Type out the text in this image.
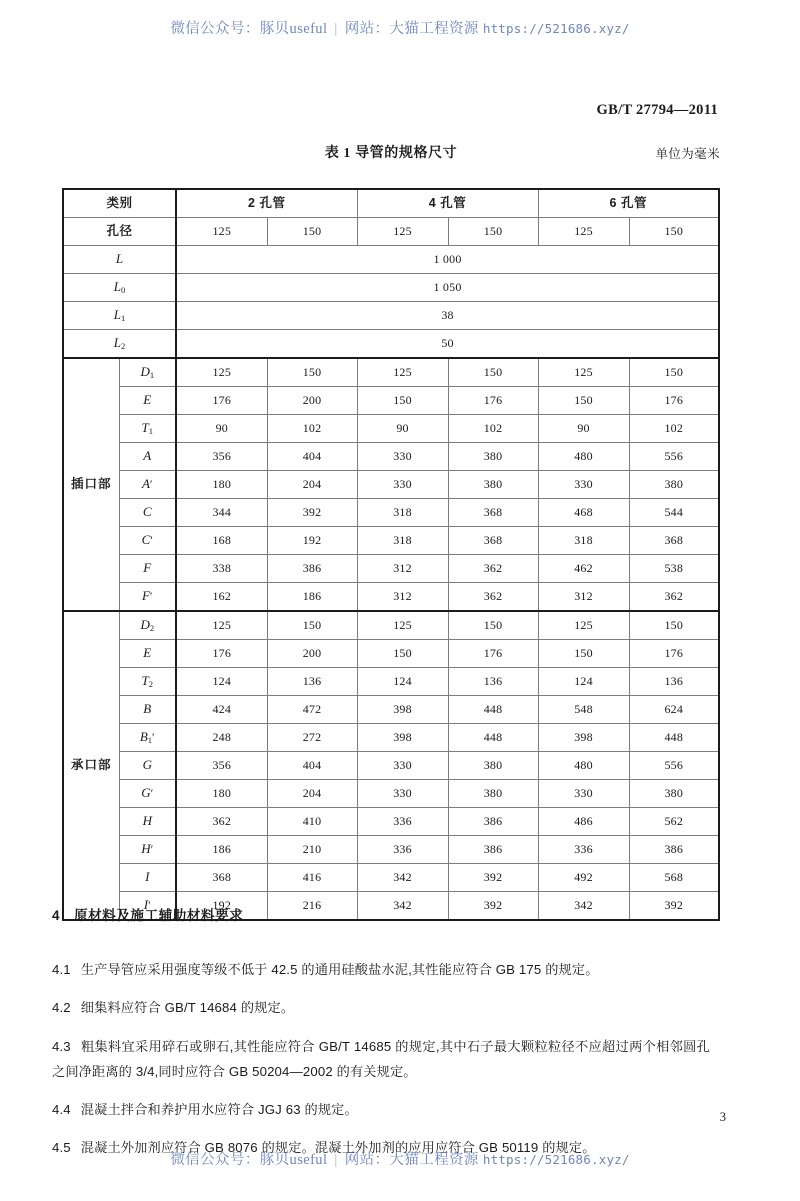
微信公众号：豚贝useful | 网站：大猫工程资源 https://521686.xyz/
GB/T 27794—2011
表 1 导管的规格尺寸	单位为毫米
类别		2 孔管		4 孔管		6 孔管	
孔径		125	150	125	150	125	150
L		1 000					
$L_0$		1 050					
$L_1$		38					
$L_2$		50					
插口部	$D_1$	125	150	125	150	125	150
	E	176	200	150	176	150	176
	$T_1$	90	102	90	102	90	102
	A	356	404	330	380	480	556
	A′	180	204	330	380	330	380
	C	344	392	318	368	468	544
	C′	168	192	318	368	318	368
	F	338	386	312	362	462	538
	F′	162	186	312	362	312	362
承口部	$D_2$	125	150	125	150	125	150
	E	176	200	150	176	150	176
	$T_2$	124	136	124	136	124	136
	B	424	472	398	448	548	624
	$B_1'$	248	272	398	448	398	448
	G	356	404	330	380	480	556
	G′	180	204	330	380	330	380
	H	362	410	336	386	486	562
	H′	186	210	336	386	336	386
	I	368	416	342	392	492	568
	I′	192	216	342	392	342	392
4 原材料及施工辅助材料要求

4.1 生产导管应采用强度等级不低于 42.5 的通用硅酸盐水泥,其性能应符合 GB 175 的规定。

4.2 细集料应符合 GB/T 14684 的规定。

4.3 粗集料宜采用碎石或卵石,其性能应符合 GB/T 14685 的规定,其中石子最大颗粒粒径不应超过两个相邻圆孔之间净距离的 3/4,同时应符合 GB 50204—2002 的有关规定。

4.4 混凝土拌合和养护用水应符合 JGJ 63 的规定。

4.5 混凝土外加剂应符合 GB 8076 的规定。混凝土外加剂的应用应符合 GB 50119 的规定。

3
微信公众号：豚贝useful | 网站：大猫工程资源 https://521686.xyz/
